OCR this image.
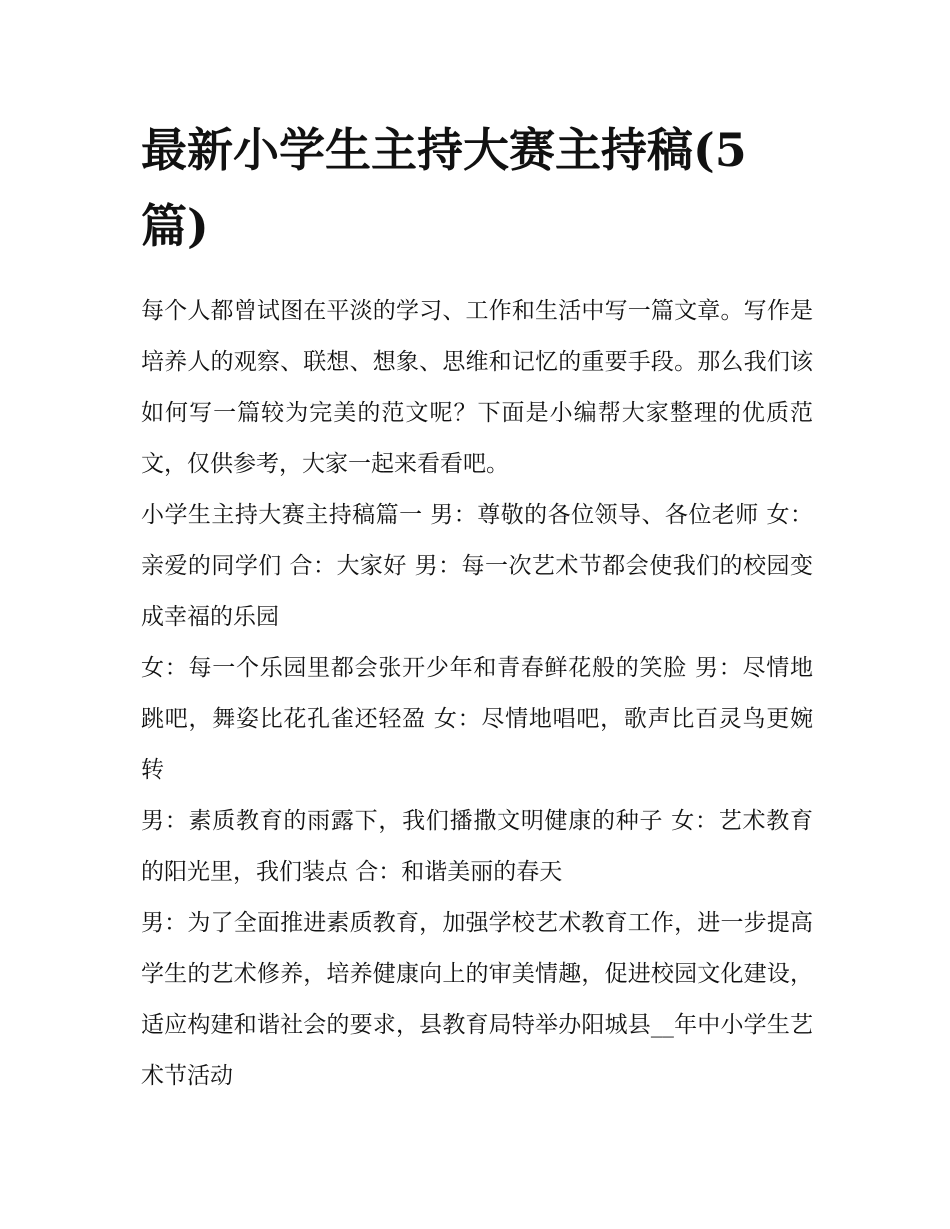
最新小学生主持大赛主持稿(5篇)

每个人都曾试图在平淡的学习、工作和生活中写一篇文章。写作是培养人的观察、联想、想象、思维和记忆的重要手段。那么我们该如何写一篇较为完美的范文呢？下面是小编帮大家整理的优质范文，仅供参考，大家一起来看看吧。

小学生主持大赛主持稿篇一 男：尊敬的各位领导、各位老师 女：亲爱的同学们 合：大家好 男：每一次艺术节都会使我们的校园变成幸福的乐园

女：每一个乐园里都会张开少年和青春鲜花般的笑脸 男：尽情地跳吧，舞姿比花孔雀还轻盈 女：尽情地唱吧，歌声比百灵鸟更婉转

男：素质教育的雨露下，我们播撒文明健康的种子 女：艺术教育的阳光里，我们装点 合：和谐美丽的春天

男：为了全面推进素质教育，加强学校艺术教育工作，进一步提高学生的艺术修养，培养健康向上的审美情趣，促进校园文化建设，适应构建和谐社会的要求，县教育局特举办阳城县__年中小学生艺术节活动
